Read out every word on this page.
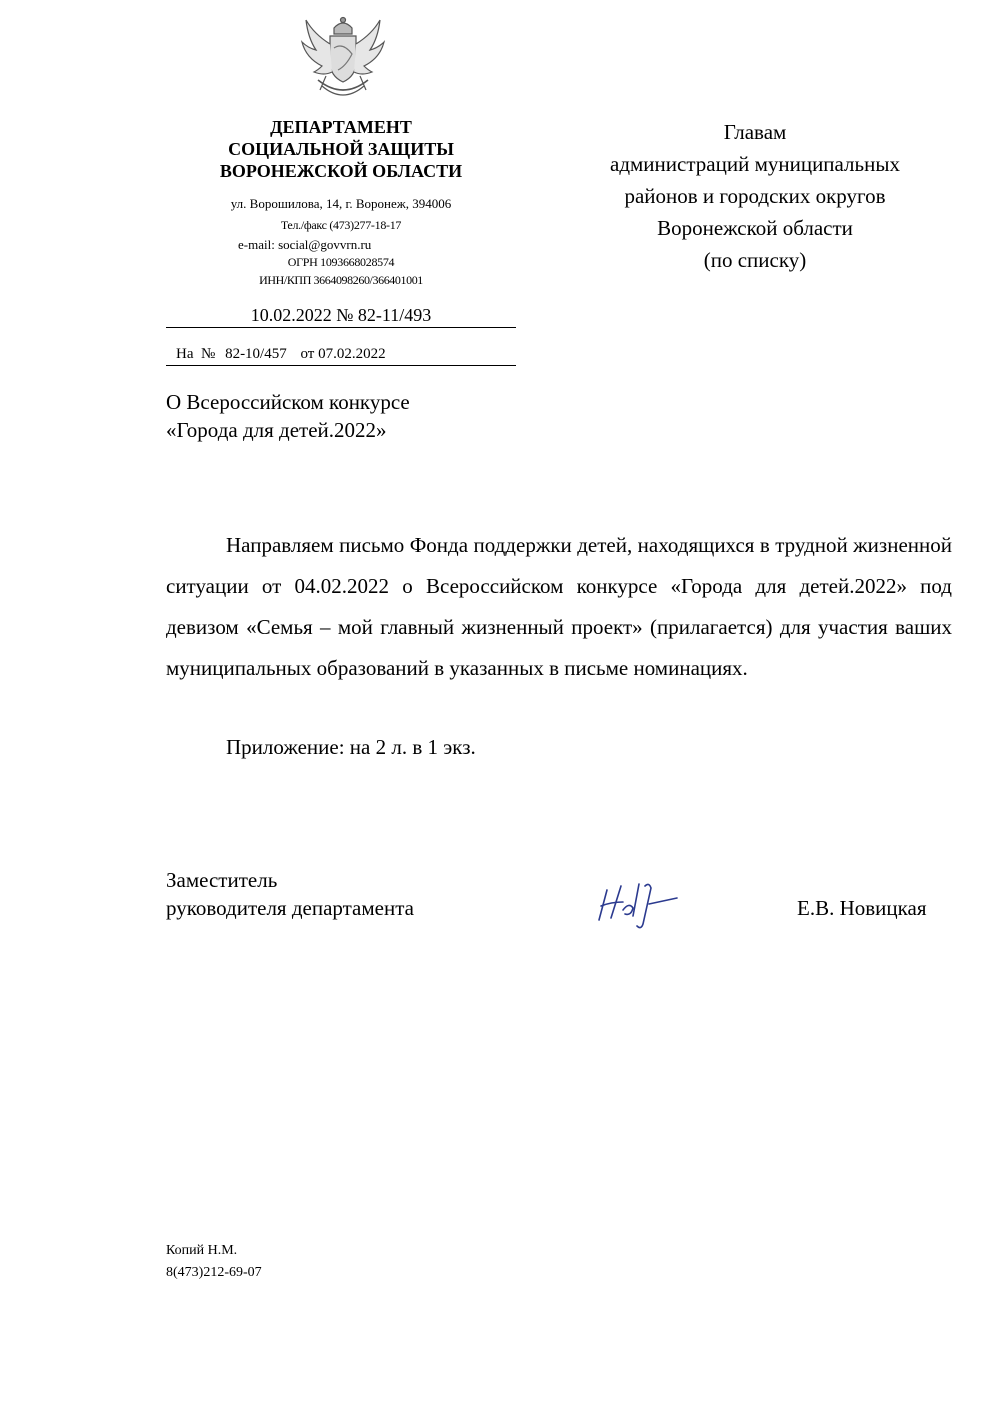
ДЕПАРТАМЕНТ
СОЦИАЛЬНОЙ ЗАЩИТЫ
ВОРОНЕЖСКОЙ ОБЛАСТИ
ул. Ворошилова, 14, г. Воронеж, 394006
Тел./факс (473)277-18-17
e-mail: social@govvrn.ru
ОГРН 1093668028574
ИНН/КПП 3664098260/366401001
10.02.2022 № 82-11/493
На  № 82-10/457 от 07.02.2022
Главам
администраций муниципальных
районов и городских округов
Воронежской области
(по списку)
О Всероссийском конкурсе
«Города для детей.2022»

Направляем письмо Фонда поддержки детей, находящихся в трудной жизненной ситуации от 04.02.2022 о Всероссийском конкурсе «Города для детей.2022» под девизом «Семья – мой главный жизненный проект» (прилагается) для участия ваших муниципальных образований в указанных в письме номинациях.

Приложение: на 2 л. в 1 экз.
Заместитель
руководителя департамента	Е.В. Новицкая
Копий Н.М.
8(473)212-69-07
